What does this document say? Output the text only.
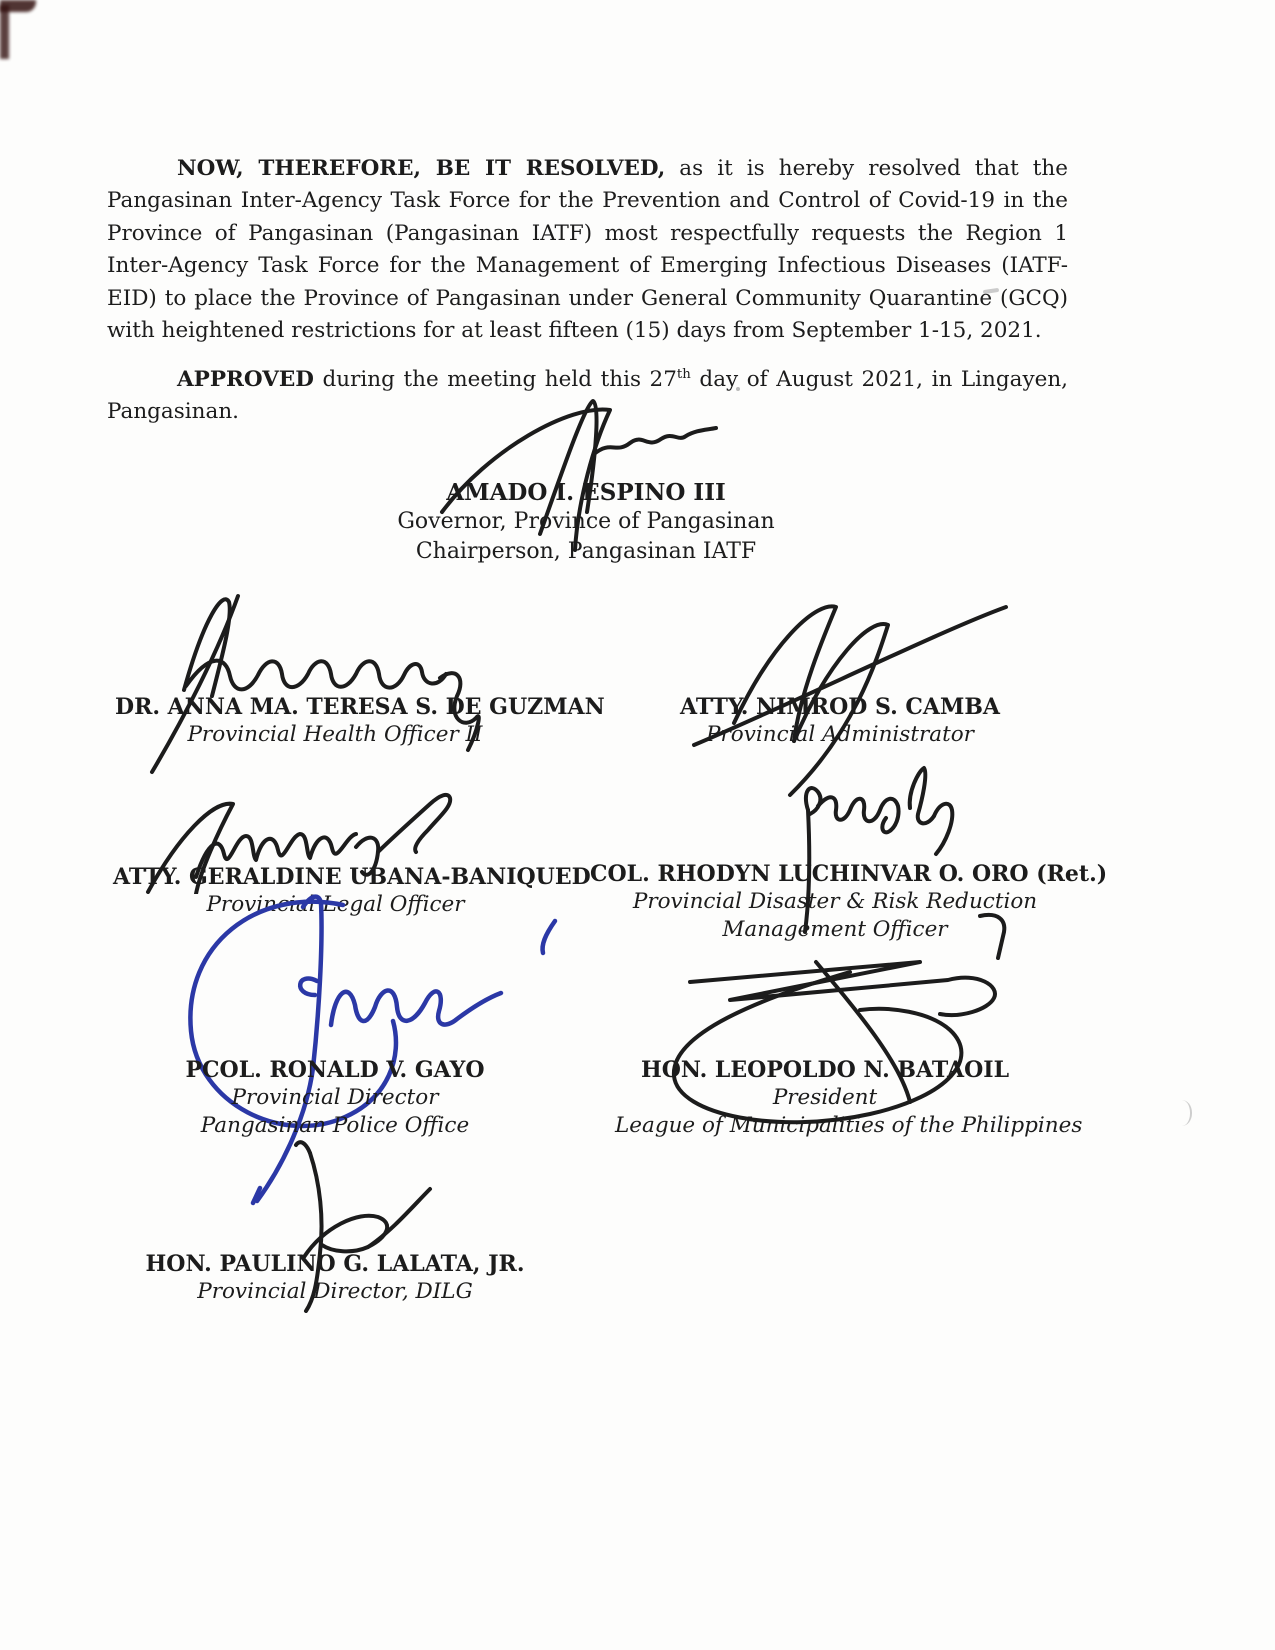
NOW, THEREFORE, BE IT RESOLVED, as it is hereby resolved that the Pangasinan Inter-Agency Task Force for the Prevention and Control of Covid-19 in the Province of Pangasinan (Pangasinan IATF) most respectfully requests the Region 1 Inter-Agency Task Force for the Management of Emerging Infectious Diseases (IATF-EID) to place the Province of Pangasinan under General Community Quarantine (GCQ) with heightened restrictions for at least fifteen (15) days from September 1-15, 2021.

APPROVED during the meeting held this 27th day of August 2021, in Lingayen, Pangasinan.

AMADO I. ESPINO III
Governor, Province of Pangasinan
Chairperson, Pangasinan IATF
DR. ANNA MA. TERESA S. DE GUZMAN
Provincial Health Officer II
ATTY. NIMROD S. CAMBA
Provincial Administrator
ATTY. GERALDINE UBANA-BANIQUED
Provincial Legal Officer
COL. RHODYN LUCHINVAR O. ORO (Ret.)
Provincial Disaster & Risk Reduction
Management Officer
PCOL. RONALD V. GAYO
Provincial Director
Pangasinan Police Office
HON. LEOPOLDO N. BATAOIL
President
League of Municipalities of the Philippines
HON. PAULINO G. LALATA, JR.
Provincial Director, DILG
